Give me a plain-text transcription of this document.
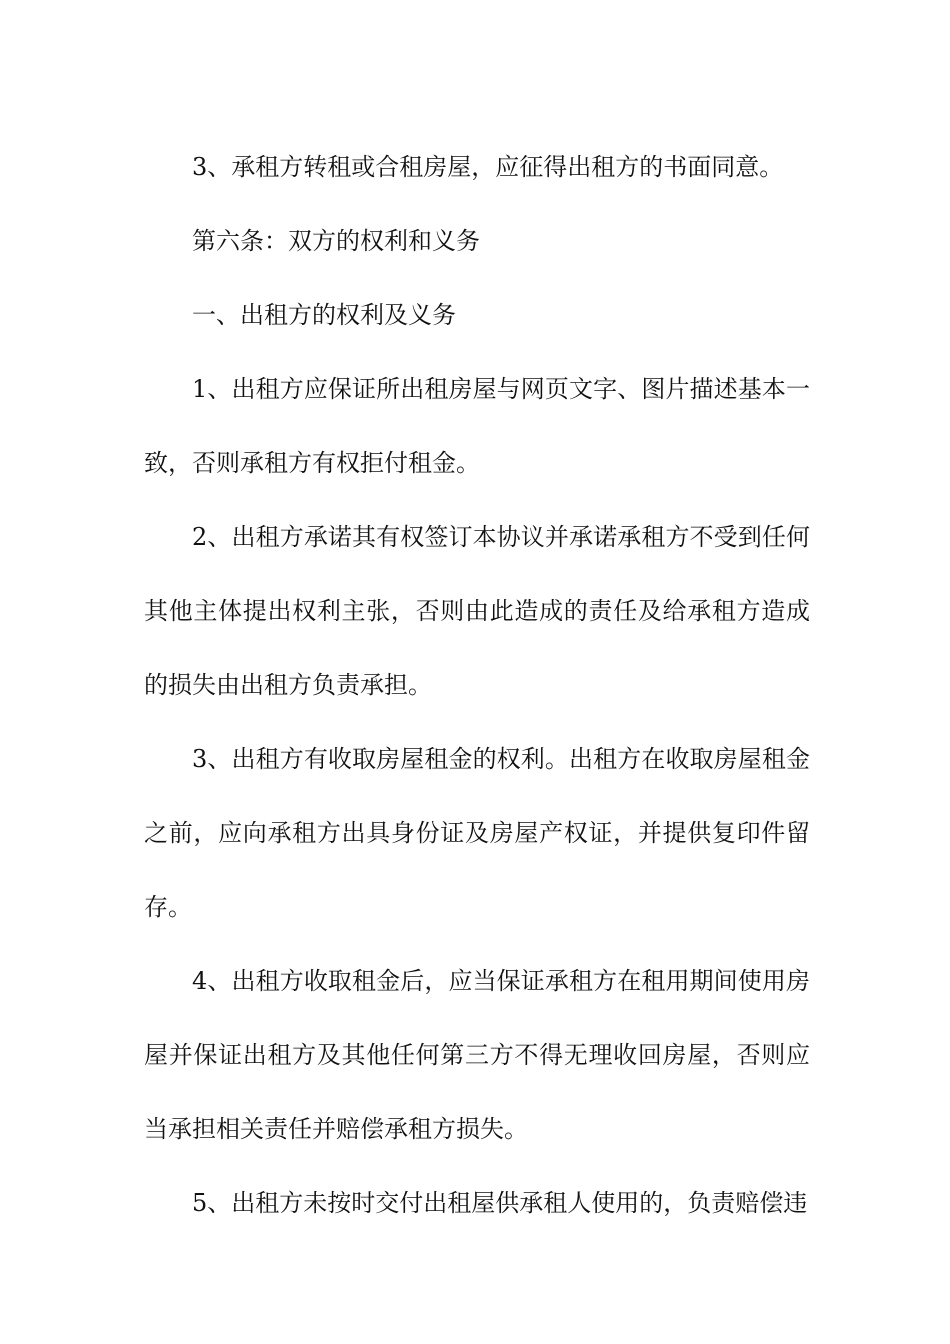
3、承租方转租或合租房屋，应征得出租方的书面同意。

第六条：双方的权利和义务

一、出租方的权利及义务

1、出租方应保证所出租房屋与网页文字、图片描述基本一致，否则承租方有权拒付租金。

2、出租方承诺其有权签订本协议并承诺承租方不受到任何其他主体提出权利主张，否则由此造成的责任及给承租方造成的损失由出租方负责承担。

3、出租方有收取房屋租金的权利。出租方在收取房屋租金之前，应向承租方出具身份证及房屋产权证，并提供复印件留存。

4、出租方收取租金后，应当保证承租方在租用期间使用房屋并保证出租方及其他任何第三方不得无理收回房屋，否则应当承担相关责任并赔偿承租方损失。

5、出租方未按时交付出租屋供承租人使用的，负责赔偿违
